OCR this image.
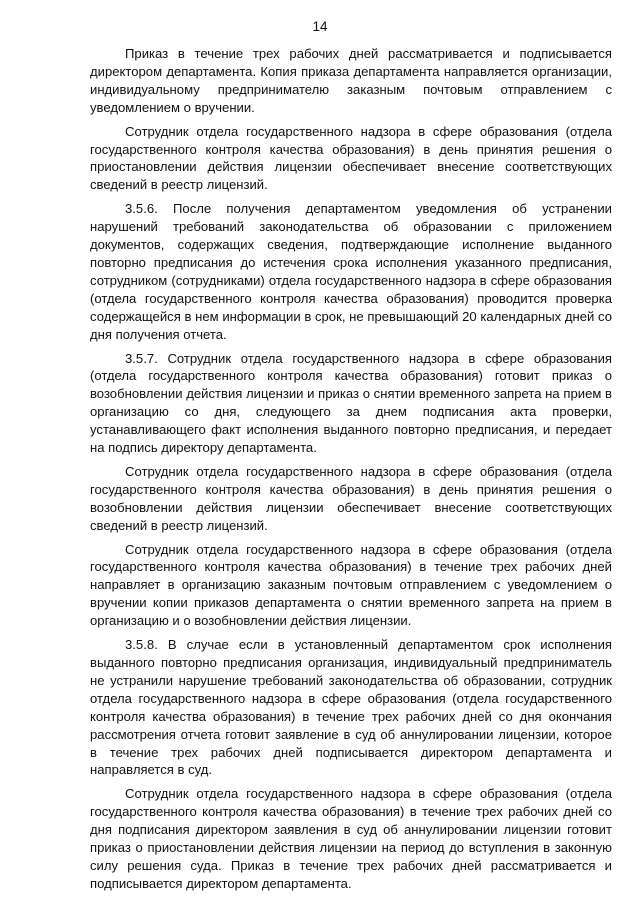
14

Приказ в течение трех рабочих дней рассматривается и подписывается директором департамента. Копия приказа департамента направляется организации, индивидуальному предпринимателю заказным почтовым отправлением с уведомлением о вручении.

Сотрудник отдела государственного надзора в сфере образования (отдела государственного контроля качества образования) в день принятия решения о приостановлении действия лицензии обеспечивает внесение соответствующих сведений в реестр лицензий.

3.5.6. После получения департаментом уведомления об устранении нарушений требований законодательства об образовании с приложением документов, содержащих сведения, подтверждающие исполнение выданного повторно предписания до истечения срока исполнения указанного предписания, сотрудником (сотрудниками) отдела государственного надзора в сфере образования (отдела государственного контроля качества образования) проводится проверка содержащейся в нем информации в срок, не превышающий 20 календарных дней со дня получения отчета.

3.5.7. Сотрудник отдела государственного надзора в сфере образования (отдела государственного контроля качества образования) готовит приказ о возобновлении действия лицензии и приказ о снятии временного запрета на прием в организацию со дня, следующего за днем подписания акта проверки, устанавливающего факт исполнения выданного повторно предписания, и передает на подпись директору департамента.

Сотрудник отдела государственного надзора в сфере образования (отдела государственного контроля качества образования) в день принятия решения о возобновлении действия лицензии обеспечивает внесение соответствующих сведений в реестр лицензий.

Сотрудник отдела государственного надзора в сфере образования (отдела государственного контроля качества образования) в течение трех рабочих дней направляет в организацию заказным почтовым отправлением с уведомлением о вручении копии приказов департамента о снятии временного запрета на прием в организацию и о возобновлении действия лицензии.

3.5.8. В случае если в установленный департаментом срок исполнения выданного повторно предписания организация, индивидуальный предприниматель не устранили нарушение требований законодательства об образовании, сотрудник отдела государственного надзора в сфере образования (отдела государственного контроля качества образования) в течение трех рабочих дней со дня окончания рассмотрения отчета готовит заявление в суд об аннулировании лицензии, которое в течение трех рабочих дней подписывается директором департамента и направляется в суд.

Сотрудник отдела государственного надзора в сфере образования (отдела государственного контроля качества образования) в течение трех рабочих дней со дня подписания директором заявления в суд об аннулировании лицензии готовит приказ о приостановлении действия лицензии на период до вступления в законную силу решения суда. Приказ в течение трех рабочих дней рассматривается и подписывается директором департамента.
